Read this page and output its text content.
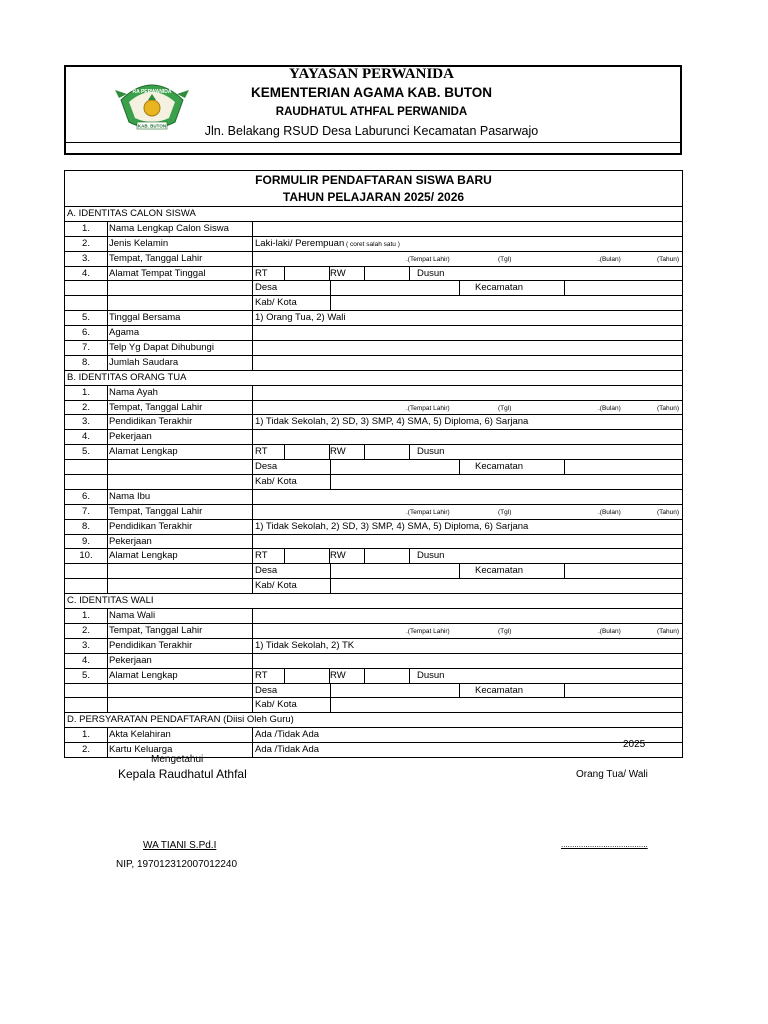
RA PERWANIDA
KAB. BUTON
YAYASAN PERWANIDA
KEMENTERIAN AGAMA KAB. BUTON
RAUDHATUL ATHFAL PERWANIDA
Jln. Belakang RSUD Desa Laburunci Kecamatan Pasarwajo
FORMULIR PENDAFTARAN SISWA BARU
TAHUN PELAJARAN 2025/ 2026
A. IDENTITAS CALON SISWA
1.	Nama Lengkap Calon Siswa
2.	Jenis Kelamin	Laki-laki/ Perempuan ( coret salah satu )
3.	Tempat, Tanggal Lahir	.(Tempat Lahir)	(Tgl)	.(Bulan)	(Tahun)
4.	Alamat Tempat Tinggal	RT	RW	Dusun
Desa	Kecamatan
Kab/ Kota
5.	Tinggal Bersama	1) Orang Tua, 2) Wali
6.	Agama
7.	Telp Yg Dapat Dihubungi
8.	Jumlah Saudara
B. IDENTITAS ORANG TUA
1.	Nama Ayah
2.	Tempat, Tanggal Lahir	.(Tempat Lahir)	(Tgl)	.(Bulan)	(Tahun)
3.	Pendidikan Terakhir	1) Tidak Sekolah, 2) SD, 3) SMP, 4) SMA, 5) Diploma, 6) Sarjana
4.	Pekerjaan
5.	Alamat Lengkap	RT	RW	Dusun
Desa	Kecamatan
Kab/ Kota
6.	Nama Ibu
7.	Tempat, Tanggal Lahir	.(Tempat Lahir)	(Tgl)	.(Bulan)	(Tahun)
8.	Pendidikan Terakhir	1) Tidak Sekolah, 2) SD, 3) SMP, 4) SMA, 5) Diploma, 6) Sarjana
9.	Pekerjaan
10.	Alamat Lengkap	RT	RW	Dusun
Desa	Kecamatan
Kab/ Kota
C. IDENTITAS WALI
1.	Nama Wali
2.	Tempat, Tanggal Lahir	.(Tempat Lahir)	(Tgl)	.(Bulan)	(Tahun)
3.	Pendidikan Terakhir	1) Tidak Sekolah, 2) TK
4.	Pekerjaan
5.	Alamat Lengkap	RT	RW	Dusun
Desa	Kecamatan
Kab/ Kota
D. PERSYARATAN PENDAFTARAN (Diisi Oleh Guru)
1.	Akta Kelahiran	Ada /Tidak Ada
2.	Kartu Keluarga	Ada /Tidak Ada	2025
Mengetahui
Kepala Raudhatul Athfal	Orang Tua/ Wali
WA TIANI S.Pd.I	.......................................
NIP, 197012312007012240
